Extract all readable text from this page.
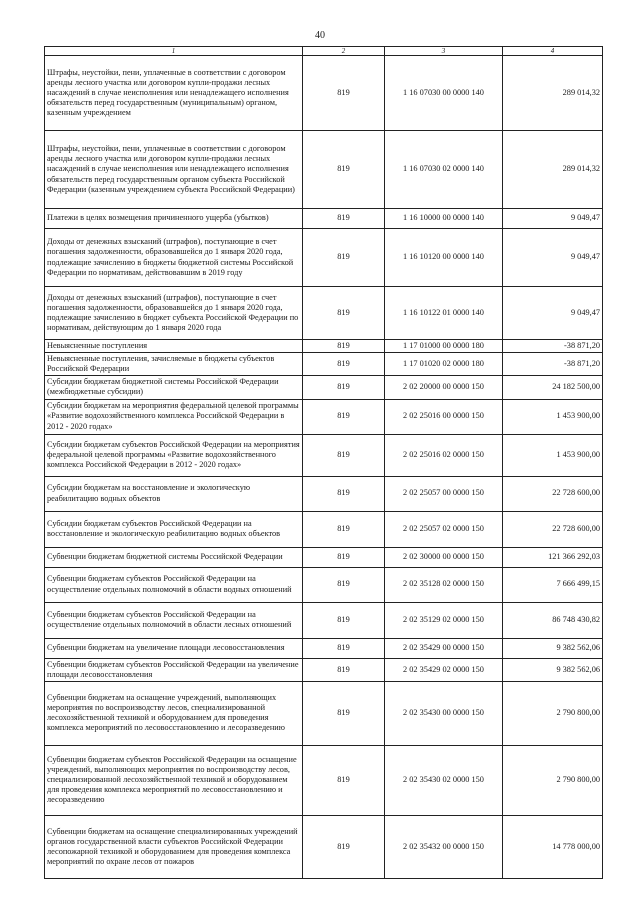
40
1	2	3	4
Штрафы, неустойки, пени, уплаченные в соответствии с договором аренды лесного участка или договором купли-продажи лесных насаждений в случае неисполнения или ненадлежащего исполнения обязательств перед государственным (муниципальным) органом, казенным учреждением	819	1 16 07030 00 0000 140	289 014,32
Штрафы, неустойки, пени, уплаченные в соответствии с договором аренды лесного участка или договором купли-продажи лесных насаждений в случае неисполнения или ненадлежащего исполнения обязательств перед государственным органом субъекта Российской Федерации (казенным учреждением субъекта Российской Федерации)	819	1 16 07030 02 0000 140	289 014,32
Платежи в целях возмещения причиненного ущерба (убытков)	819	1 16 10000 00 0000 140	9 049,47
Доходы от денежных взысканий (штрафов), поступающие в счет погашения задолженности, образовавшейся до 1 января 2020 года, подлежащие зачислению в бюджеты бюджетной системы Российской Федерации по нормативам, действовавшим в 2019 году	819	1 16 10120 00 0000 140	9 049,47
Доходы от денежных взысканий (штрафов), поступающие в счет погашения задолженности, образовавшейся до 1 января 2020 года, подлежащие зачислению в бюджет субъекта Российской Федерации по нормативам, действующим до 1 января 2020 года	819	1 16 10122 01 0000 140	9 049,47
Невыясненные поступления	819	1 17 01000 00 0000 180	-38 871,20
Невыясненные поступления, зачисляемые в бюджеты субъектов Российской Федерации	819	1 17 01020 02 0000 180	-38 871,20
Субсидии бюджетам бюджетной системы Российской Федерации (межбюджетные субсидии)	819	2 02 20000 00 0000 150	24 182 500,00
Субсидии бюджетам на мероприятия федеральной целевой программы «Развитие водохозяйственного комплекса Российской Федерации в 2012 - 2020 годах»	819	2 02 25016 00 0000 150	1 453 900,00
Субсидии бюджетам субъектов Российской Федерации на мероприятия федеральной целевой программы «Развитие водохозяйственного комплекса Российской Федерации в 2012 - 2020 годах»	819	2 02 25016 02 0000 150	1 453 900,00
Субсидии бюджетам на восстановление и экологическую реабилитацию водных объектов	819	2 02 25057 00 0000 150	22 728 600,00
Субсидии бюджетам субъектов Российской Федерации на восстановление и экологическую реабилитацию водных объектов	819	2 02 25057 02 0000 150	22 728 600,00
Субвенции бюджетам бюджетной системы Российской Федерации	819	2 02 30000 00 0000 150	121 366 292,03
Субвенции бюджетам субъектов Российской Федерации на осуществление отдельных полномочий в области водных отношений	819	2 02 35128 02 0000 150	7 666 499,15
Субвенции бюджетам субъектов Российской Федерации на осуществление отдельных полномочий в области лесных отношений	819	2 02 35129 02 0000 150	86 748 430,82
Субвенции бюджетам на увеличение площади лесовосстановления	819	2 02 35429 00 0000 150	9 382 562,06
Субвенции бюджетам субъектов Российской Федерации на увеличение площади лесовосстановления	819	2 02 35429 02 0000 150	9 382 562,06
Субвенции бюджетам на оснащение учреждений, выполняющих мероприятия по воспроизводству лесов, специализированной лесохозяйственной техникой и оборудованием для проведения комплекса мероприятий по лесовосстановлению и лесоразведению	819	2 02 35430 00 0000 150	2 790 800,00
Субвенции бюджетам субъектов Российской Федерации на оснащение учреждений, выполняющих мероприятия по воспроизводству лесов, специализированной лесохозяйственной техникой и оборудованием для проведения комплекса мероприятий по лесовосстановлению и лесоразведению	819	2 02 35430 02 0000 150	2 790 800,00
Субвенции бюджетам на оснащение специализированных учреждений органов государственной власти субъектов Российской Федерации лесопожарной техникой и оборудованием для проведения комплекса мероприятий по охране лесов от пожаров	819	2 02 35432 00 0000 150	14 778 000,00
